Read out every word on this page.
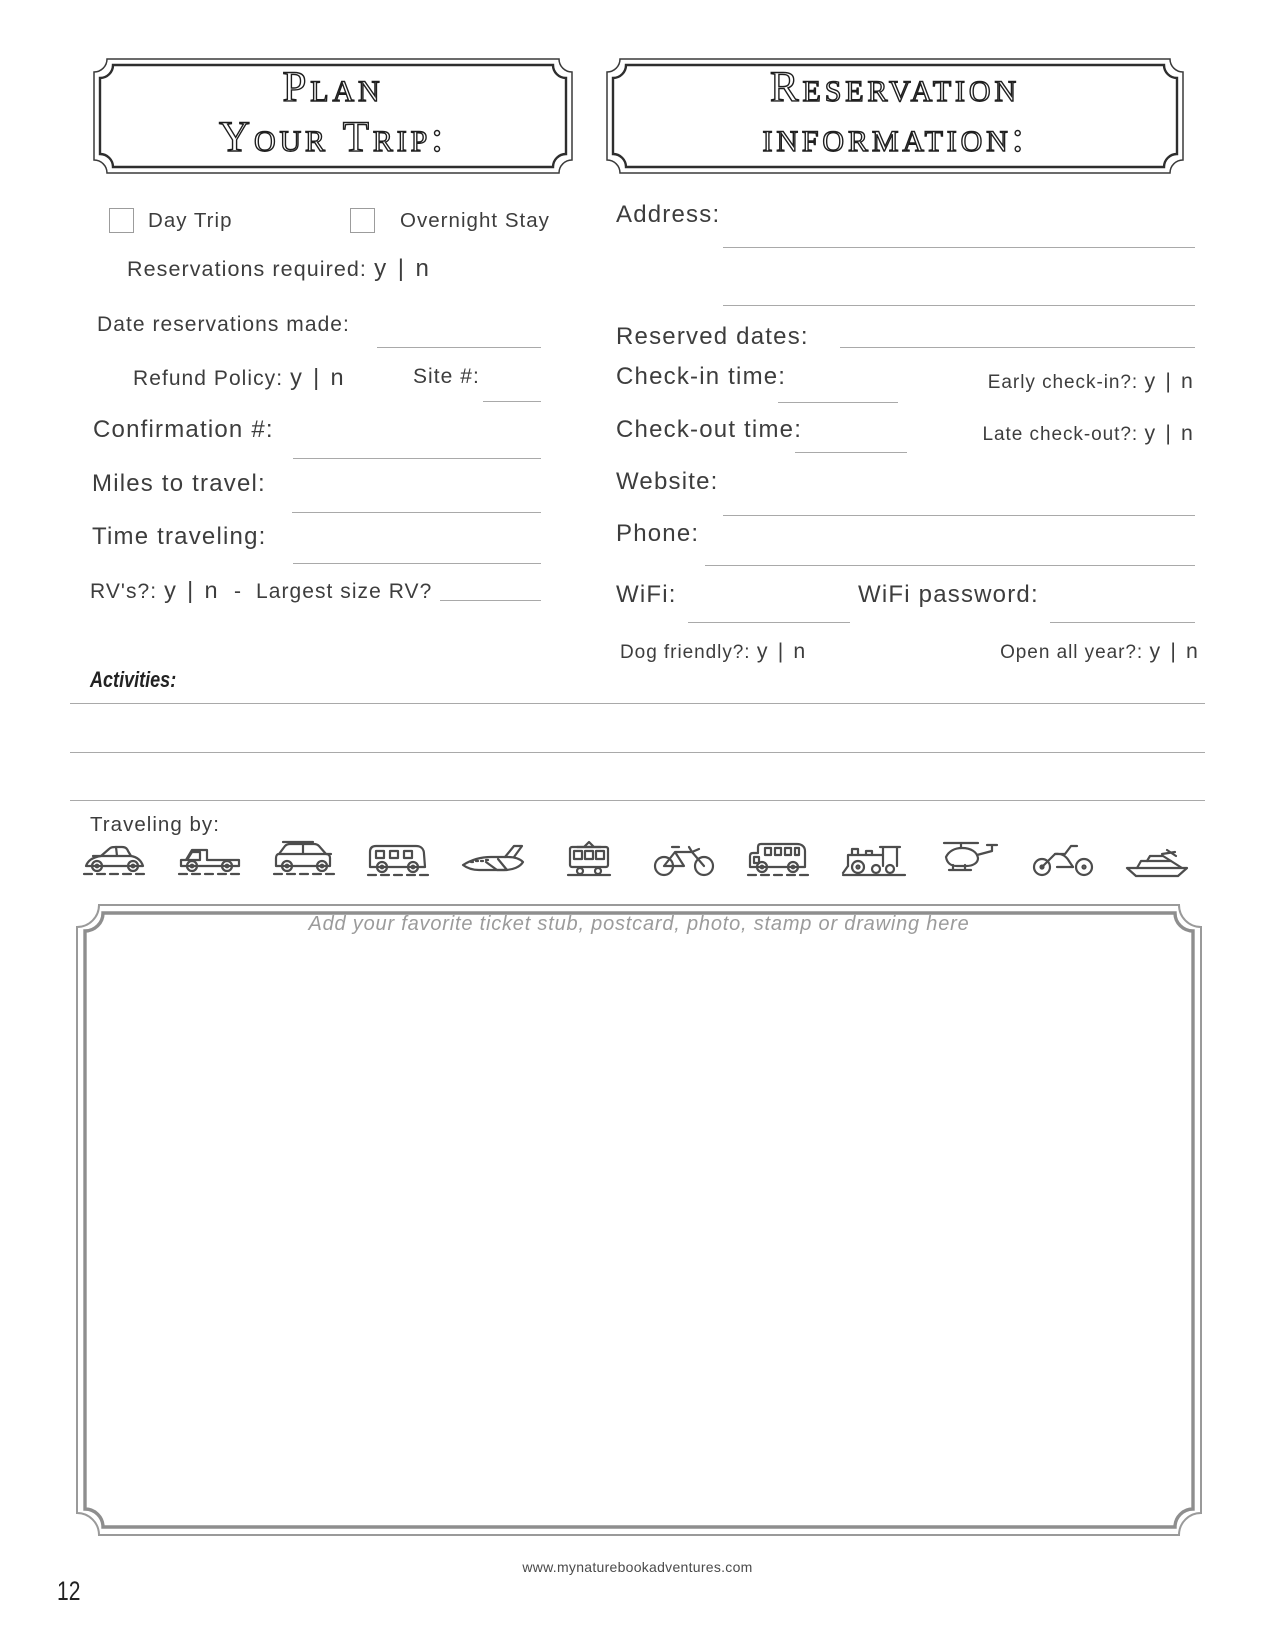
Plan
Your Trip:
Reservation
information:
Day Trip	Overnight Stay
Reservations required: y | n
Date reservations made:
Refund Policy: y | n	Site #:
Confirmation #:
Miles to travel:
Time traveling:
RV's?: y | n - Largest size RV?
Address:
Reserved dates:
Check-in time:	Early check-in?: y | n
Check-out time:	Late check-out?: y | n
Website:
Phone:
WiFi:	WiFi password:
Dog friendly?: y | n	Open all year?: y | n
Activities:
Traveling by:
Add your favorite ticket stub, postcard, photo, stamp or drawing here
www.mynaturebookadventures.com
12
